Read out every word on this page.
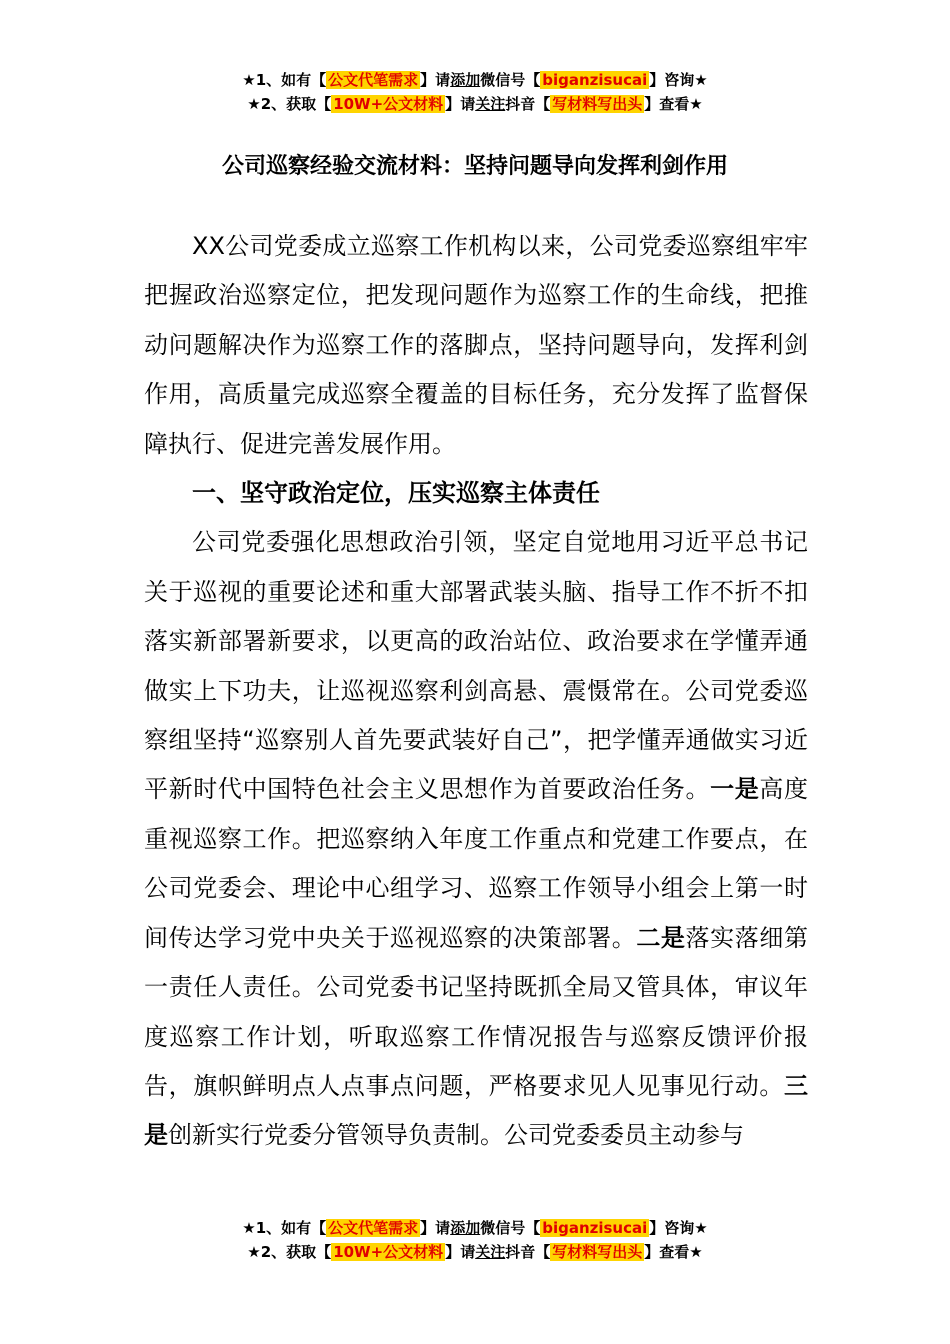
★1、如有【 公文代笔需求 】请添加微信号【 biganzisucai 】咨询★
★2、获取【 10W+公文材料 】请关注抖音【 写材料写出头 】查看★
公司巡察经验交流材料：坚持问题导向发挥利剑作用

XX公司党委成立巡察工作机构以来，公司党委巡察组牢牢把握政治巡察定位，把发现问题作为巡察工作的生命线，把推动问题解决作为巡察工作的落脚点，坚持问题导向，发挥利剑作用，高质量完成巡察全覆盖的目标任务，充分发挥了监督保障执行、促进完善发展作用。

一、坚守政治定位，压实巡察主体责任

公司党委强化思想政治引领，坚定自觉地用习近平总书记关于巡视的重要论述和重大部署武装头脑、指导工作不折不扣落实新部署新要求，以更高的政治站位、政治要求在学懂弄通做实上下功夫，让巡视巡察利剑高悬、震慑常在。公司党委巡察组坚持“巡察别人首先要武装好自己”，把学懂弄通做实习近平新时代中国特色社会主义思想作为首要政治任务。一是高度重视巡察工作。把巡察纳入年度工作重点和党建工作要点，在公司党委会、理论中心组学习、巡察工作领导小组会上第一时间传达学习党中央关于巡视巡察的决策部署。二是落实落细第一责任人责任。公司党委书记坚持既抓全局又管具体，审议年度巡察工作计划，听取巡察工作情况报告与巡察反馈评价报告，旗帜鲜明点人点事点问题，严格要求见人见事见行动。三是创新实行党委分管领导负责制。公司党委委员主动参与

★1、如有【 公文代笔需求 】请添加微信号【 biganzisucai 】咨询★
★2、获取【 10W+公文材料 】请关注抖音【 写材料写出头 】查看★
